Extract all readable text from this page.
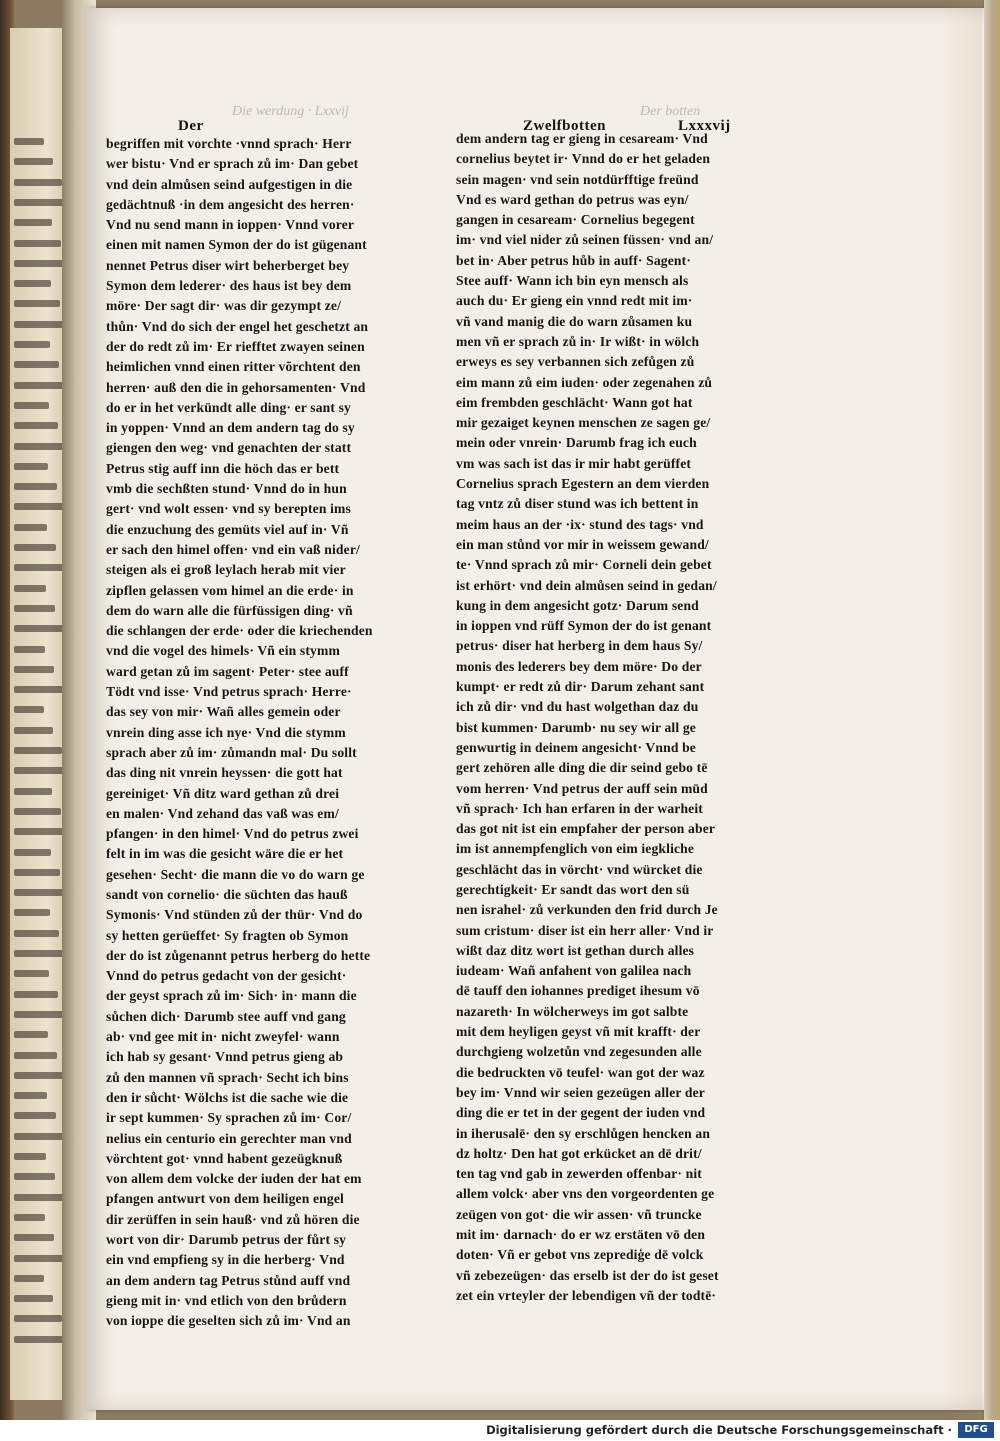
Die werdung · Lxxvij	Der botten
Der	Zwelfbotten	Lxxxvij
begriffen mit vorchte ·vnnd sprach· Herr
wer bistu· Vnd er sprach zů im· Dan gebet
vnd dein almůsen seind aufgestigen in die
gedächtnuß ·in dem angesicht des herren·
Vnd nu send mann in ioppen· Vnnd vorer
einen mit namen Symon der do ist gügenant
nennet Petrus diser wirt beherberget bey
Symon dem lederer· des haus ist bey dem
möre· Der sagt dir· was dir gezympt ze/
thůn· Vnd do sich der engel het geschetzt an
der do redt zů im· Er riefftet zwayen seinen
heimlichen vnnd einen ritter võrchtent den
herren· auß den die in gehorsamenten· Vnd
do er in het verkündt alle ding· er sant sy
in yoppen· Vnnd an dem andern tag do sy
giengen den weg· vnd genachten der statt
Petrus stig auff inn die höch das er bett
vmb die sechßten stund· Vnnd do in hun
gert· vnd wolt essen· vnd sy berepten ims
die enzuchung des gemüts viel auf in· Vñ
er sach den himel offen· vnd ein vaß nider/
steigen als ei groß leylach herab mit vier
zipflen gelassen vom himel an die erde· in
dem do warn alle die fürfüssigen ding· vñ
die schlangen der erde· oder die kriechenden
vnd die vogel des himels· Vñ ein stymm
ward getan zů im sagent· Peter· stee auff
Tödt vnd isse· Vnd petrus sprach· Herre·
das sey von mir· Wañ alles gemein oder
vnrein ding asse ich nye· Vnd die stymm
sprach aber zů im· zůmandn mal· Du sollt
das ding nit vnrein heyssen· die gott hat
gereiniget· Vñ ditz ward gethan zů drei
en malen· Vnd zehand das vaß was em/
pfangen· in den himel· Vnd do petrus zwei
felt in im was die gesicht wäre die er het
gesehen· Secht· die mann die vo do warn ge
sandt von cornelio· die süchten das hauß
Symonis· Vnd stünden zů der thür· Vnd do
sy hetten gerüeffet· Sy fragten ob Symon
der do ist zůgenannt petrus herberg do hette
Vnnd do petrus gedacht von der gesicht·
der geyst sprach zů im· Sich· in· mann die
sůchen dich· Darumb stee auff vnd gang
ab· vnd gee mit in· nicht zweyfel· wann
ich hab sy gesant· Vnnd petrus gieng ab
zů den mannen vñ sprach· Secht ich bins
den ir sůcht· Wölchs ist die sache wie die
ir sept kummen· Sy sprachen zů im· Cor/
nelius ein centurio ein gerechter man vnd
vörchtent got· vnnd habent gezeügknuß
von allem dem volcke der iuden der hat em
pfangen antwurt von dem heiligen engel
dir zerüffen in sein hauß· vnd zů hören die
wort von dir· Darumb petrus der fůrt sy
ein vnd empfieng sy in die herberg· Vnd
an dem andern tag Petrus stůnd auff vnd
gieng mit in· vnd etlich von den brůdern
von ioppe die geselten sich zů im· Vnd an
dem andern tag er gieng in cesaream· Vnd
cornelius beytet ir· Vnnd do er het geladen
sein magen· vnd sein notdürfftige freünd
Vnd es ward gethan do petrus was eyn/
gangen in cesaream· Cornelius begegent
im· vnd viel nider zů seinen füssen· vnd an/
bet in· Aber petrus hůb in auff· Sagent·
Stee auff· Wann ich bin eyn mensch als
auch du· Er gieng ein vnnd redt mit im·
vñ vand manig die do warn zůsamen ku
men vñ er sprach zů in· Ir wißt· in wölch
erweys es sey verbannen sich zefůgen zů
eim mann zů eim iuden· oder zegenahen zů
eim frembden geschlächt· Wann got hat
mir gezaiget keynen menschen ze sagen ge/
mein oder vnrein· Darumb frag ich euch
vm was sach ist das ir mir habt gerüffet
Cornelius sprach Egestern an dem vierden
tag vntz zů diser stund was ich bettent in
meim haus an der ·ix· stund des tags· vnd
ein man stůnd vor mir in weissem gewand/
te· Vnnd sprach zů mir· Corneli dein gebet
ist erhört· vnd dein almůsen seind in gedan/
kung in dem angesicht gotz· Darum send
in ioppen vnd rüff Symon der do ist genant
petrus· diser hat herberg in dem haus Sy/
monis des lederers bey dem möre· Do der
kumpt· er redt zů dir· Darum zehant sant
ich zů dir· vnd du hast wolgethan daz du
bist kummen· Darumb· nu sey wir all ge
genwurtig in deinem angesicht· Vnnd be
gert zehören alle ding die dir seind gebo tē
vom herren· Vnd petrus der auff sein mūd
vñ sprach· Ich han erfaren in der warheit
das got nit ist ein empfaher der person aber
im ist annempfenglich von eim iegkliche
geschlächt das in vörcht· vnd würcket die
gerechtigkeit· Er sandt das wort den sü
nen israhel· zů verkunden den frid durch Je
sum cristum· diser ist ein herr aller· Vnd ir
wißt daz ditz wort ist gethan durch alles
iudeam· Wañ anfahent von galilea nach
dē tauff den iohannes prediget ihesum vō
nazareth· In wölcherweys im got salbte
mit dem heyligen geyst vñ mit krafft· der
durchgieng wolzetůn vnd zegesunden alle
die bedruckten vō teufel· wan got der waz
bey im· Vnnd wir seien gezeügen aller der
ding die er tet in der gegent der iuden vnd
in iherusalē· den sy erschlůgen hencken an
dz holtz· Den hat got erkücket an dē drit/
ten tag vnd gab in zewerden offenbar· nit
allem volck· aber vns den vorgeordenten ge
zeügen von got· die wir assen· vñ truncke
mit im· darnach· do er wz erstäten vō den
doten· Vñ er gebot vns zeprediģe dē volck
vñ zebezeügen· das erselb ist der do ist geset
zet ein vrteyler der lebendigen vñ der todtē·
Digitalisierung gefördert durch die Deutsche Forschungsgemeinschaft ·	DFG
